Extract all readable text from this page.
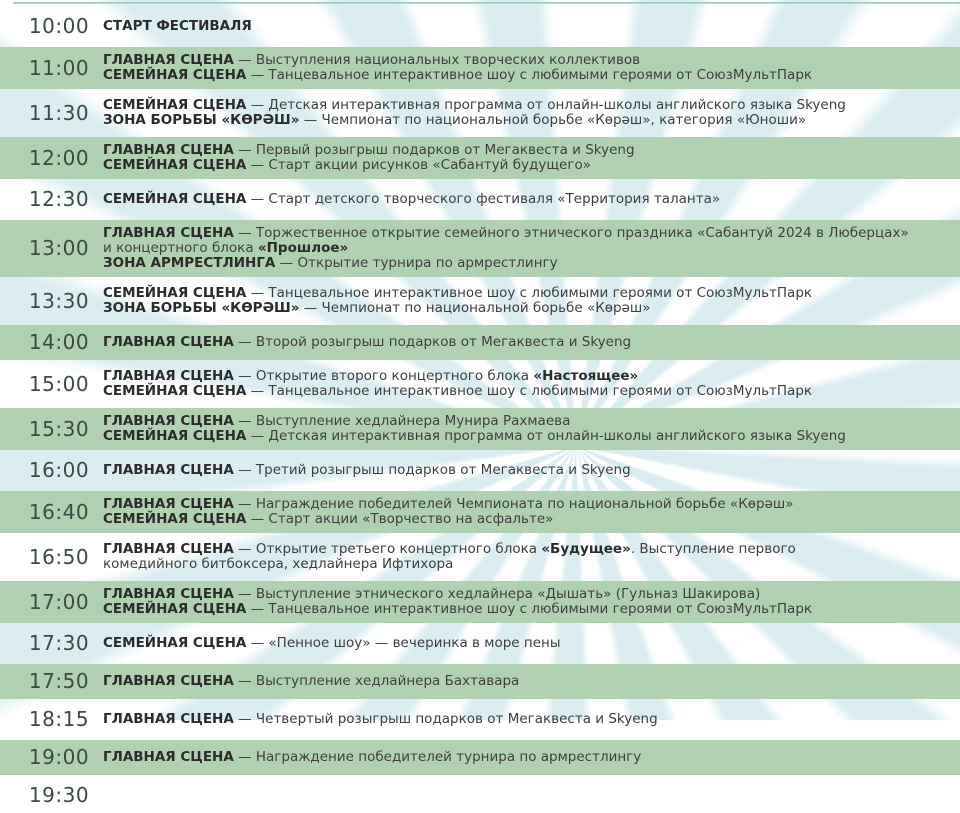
10:00 СТАРТ ФЕСТИВАЛЯ
11:00 ГЛАВНАЯ СЦЕНА — Выступления национальных творческих коллективов
СЕМЕЙНАЯ СЦЕНА — Танцевальное интерактивное шоу с любимыми героями от СоюзМультПарк
11:30 СЕМЕЙНАЯ СЦЕНА — Детская интерактивная программа от онлайн-школы английского языка Skyeng
ЗОНА БОРЬБЫ «КӨРӘШ» — Чемпионат по национальной борьбе «Көрәш», категория «Юноши»
12:00 ГЛАВНАЯ СЦЕНА — Первый розыгрыш подарков от Мегаквеста и Skyeng
СЕМЕЙНАЯ СЦЕНА — Старт акции рисунков «Сабантуй будущего»
12:30 СЕМЕЙНАЯ СЦЕНА — Старт детского творческого фестиваля «Территория таланта»
13:00
ГЛАВНАЯ СЦЕНА — Торжественное открытие семейного этнического праздника «Сабантуй 2024 в Люберцах»
и концертного блока «Прошлое»
ЗОНА АРМРЕСТЛИНГА — Открытие турнира по армрестлингу
13:30 СЕМЕЙНАЯ СЦЕНА — Танцевальное интерактивное шоу с любимыми героями от СоюзМультПарк
ЗОНА БОРЬБЫ «КӨРӘШ» — Чемпионат по национальной борьбе «Көрәш»
14:00 ГЛАВНАЯ СЦЕНА — Второй розыгрыш подарков от Мегаквеста и Skyeng
15:00 ГЛАВНАЯ СЦЕНА — Открытие второго концертного блока «Настоящее»
СЕМЕЙНАЯ СЦЕНА — Танцевальное интерактивное шоу с любимыми героями от СоюзМультПарк
15:30 ГЛАВНАЯ СЦЕНА — Выступление хедлайнера Мунира Рахмаева
СЕМЕЙНАЯ СЦЕНА — Детская интерактивная программа от онлайн-школы английского языка Skyeng
16:00 ГЛАВНАЯ СЦЕНА — Третий розыгрыш подарков от Мегаквеста и Skyeng
16:40 ГЛАВНАЯ СЦЕНА — Награждение победителей Чемпионата по национальной борьбе «Көрәш»
СЕМЕЙНАЯ СЦЕНА — Старт акции «Творчество на асфальте»
16:50 ГЛАВНАЯ СЦЕНА — Открытие третьего концертного блока «Будущее». Выступление первого
комедийного битбоксера, хедлайнера Ифтихора
17:00 ГЛАВНАЯ СЦЕНА — Выступление этнического хедлайнера «Дышать» (Гульназ Шакирова)
СЕМЕЙНАЯ СЦЕНА — Танцевальное интерактивное шоу с любимыми героями от СоюзМультПарк
17:30 СЕМЕЙНАЯ СЦЕНА — «Пенное шоу» — вечеринка в море пены
17:50 ГЛАВНАЯ СЦЕНА — Выступление хедлайнера Бахтавара
18:15 ГЛАВНАЯ СЦЕНА — Четвертый розыгрыш подарков от Мегаквеста и Skyeng
19:00 ГЛАВНАЯ СЦЕНА — Награждение победителей турнира по армрестлингу
19:30
